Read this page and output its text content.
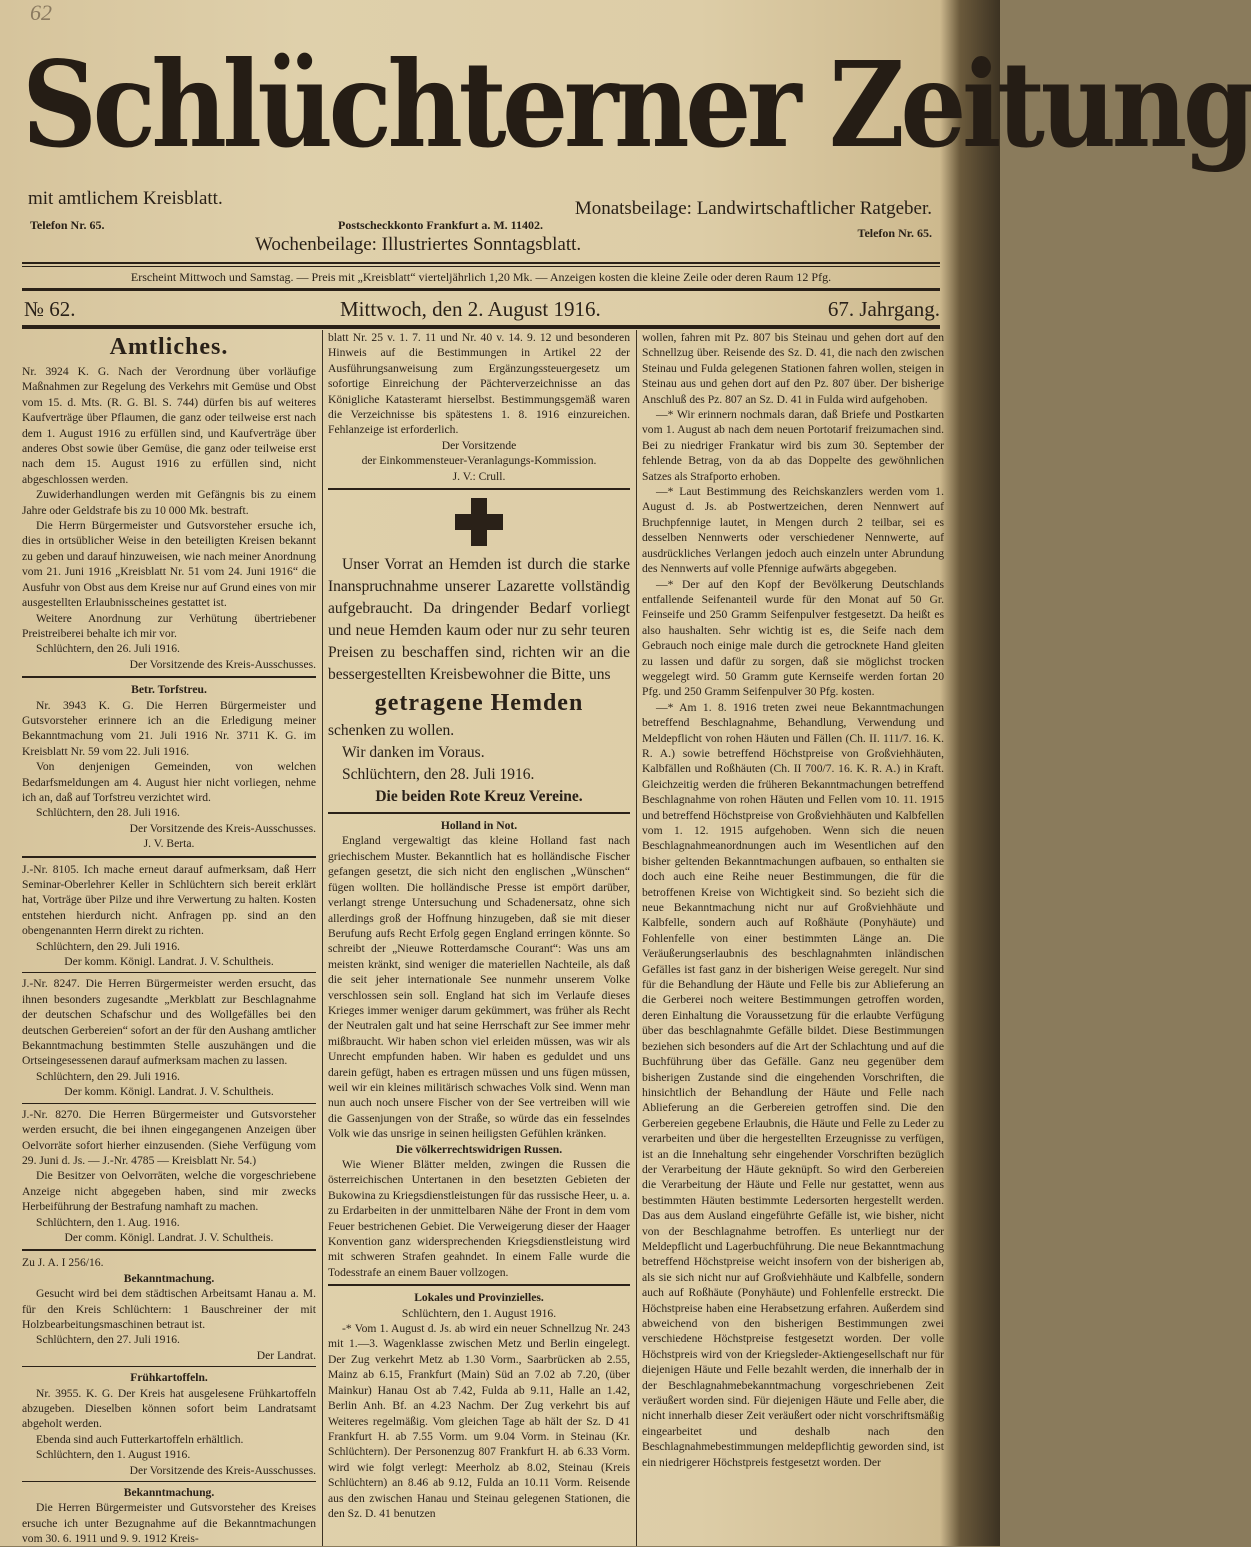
62
Schlüchterner Zeitung
mit amtlichem Kreisblatt.	Monatsbeilage: Landwirtschaftlicher Ratgeber.
Telefon Nr. 65.	Postscheckkonto Frankfurt a. M. 11402.
Telefon Nr. 65.
Wochenbeilage: Illustriertes Sonntagsblatt.
Erscheint Mittwoch und Samstag. — Preis mit „Kreisblatt“ vierteljährlich 1,20 Mk. — Anzeigen kosten die kleine Zeile oder deren Raum 12 Pfg.
№ 62.	Mittwoch, den 2. August 1916.	67. Jahrgang.

Amtliches.

Nr. 3924 K. G. Nach der Verordnung über vorläufige Maßnahmen zur Regelung des Verkehrs mit Gemüse und Obst vom 15. d. Mts. (R. G. Bl. S. 744) dürfen bis auf weiteres Kaufverträge über Pflaumen, die ganz oder teilweise erst nach dem 1. August 1916 zu erfüllen sind, und Kaufverträge über anderes Obst sowie über Gemüse, die ganz oder teilweise erst nach dem 15. August 1916 zu erfüllen sind, nicht abgeschlossen werden.

Zuwiderhandlungen werden mit Gefängnis bis zu einem Jahre oder Geldstrafe bis zu 10 000 Mk. bestraft.

Die Herrn Bürgermeister und Gutsvorsteher ersuche ich, dies in ortsüblicher Weise in den beteiligten Kreisen bekannt zu geben und darauf hinzuweisen, wie nach meiner Anordnung vom 21. Juni 1916 „Kreisblatt Nr. 51 vom 24. Juni 1916“ die Ausfuhr von Obst aus dem Kreise nur auf Grund eines von mir ausgestellten Erlaubnisscheines gestattet ist.

Weitere Anordnung zur Verhütung übertriebener Preistreiberei behalte ich mir vor.

Schlüchtern, den 26. Juli 1916.

Der Vorsitzende des Kreis-Ausschusses.

Betr. Torfstreu.

Nr. 3943 K. G. Die Herren Bürgermeister und Gutsvorsteher erinnere ich an die Erledigung meiner Bekanntmachung vom 21. Juli 1916 Nr. 3711 K. G. im Kreisblatt Nr. 59 vom 22. Juli 1916.

Von denjenigen Gemeinden, von welchen Bedarfsmeldungen am 4. August hier nicht vorliegen, nehme ich an, daß auf Torfstreu verzichtet wird.

Schlüchtern, den 28. Juli 1916.

Der Vorsitzende des Kreis-Ausschusses.

J. V. Berta.

J.-Nr. 8105. Ich mache erneut darauf aufmerksam, daß Herr Seminar-Oberlehrer Keller in Schlüchtern sich bereit erklärt hat, Vorträge über Pilze und ihre Verwertung zu halten. Kosten entstehen hierdurch nicht. Anfragen pp. sind an den obengenannten Herrn direkt zu richten.

Schlüchtern, den 29. Juli 1916.

Der komm. Königl. Landrat. J. V. Schultheis.

J.-Nr. 8247. Die Herren Bürgermeister werden ersucht, das ihnen besonders zugesandte „Merkblatt zur Beschlagnahme der deutschen Schafschur und des Wollgefälles bei den deutschen Gerbereien“ sofort an der für den Aushang amtlicher Bekanntmachung bestimmten Stelle auszuhängen und die Ortseingesessenen darauf aufmerksam machen zu lassen.

Schlüchtern, den 29. Juli 1916.

Der komm. Königl. Landrat. J. V. Schultheis.

J.-Nr. 8270. Die Herren Bürgermeister und Gutsvorsteher werden ersucht, die bei ihnen eingegangenen Anzeigen über Oelvorräte sofort hierher einzusenden. (Siehe Verfügung vom 29. Juni d. Js. — J.-Nr. 4785 — Kreisblatt Nr. 54.)

Die Besitzer von Oelvorräten, welche die vorgeschriebene Anzeige nicht abgegeben haben, sind mir zwecks Herbeiführung der Bestrafung namhaft zu machen.

Schlüchtern, den 1. Aug. 1916.

Der comm. Königl. Landrat. J. V. Schultheis.

Zu J. A. I 256/16.

Bekanntmachung.

Gesucht wird bei dem städtischen Arbeitsamt Hanau a. M. für den Kreis Schlüchtern: 1 Bauschreiner der mit Holzbearbeitungsmaschinen betraut ist.

Schlüchtern, den 27. Juli 1916.

Der Landrat.

Frühkartoffeln.

Nr. 3955. K. G. Der Kreis hat ausgelesene Frühkartoffeln abzugeben. Dieselben können sofort beim Landratsamt abgeholt werden.

Ebenda sind auch Futterkartoffeln erhältlich.

Schlüchtern, den 1. August 1916.

Der Vorsitzende des Kreis-Ausschusses.

Bekanntmachung.

Die Herren Bürgermeister und Gutsvorsteher des Kreises ersuche ich unter Bezugnahme auf die Bekanntmachungen vom 30. 6. 1911 und 9. 9. 1912 Kreis-

blatt Nr. 25 v. 1. 7. 11 und Nr. 40 v. 14. 9. 12 und besonderen Hinweis auf die Bestimmungen in Artikel 22 der Ausführungsanweisung zum Ergänzungssteuergesetz um sofortige Einreichung der Pächterverzeichnisse an das Königliche Katasteramt hierselbst. Bestimmungsgemäß waren die Verzeichnisse bis spätestens 1. 8. 1916 einzureichen. Fehlanzeige ist erforderlich.

Der Vorsitzende

der Einkommensteuer-Veranlagungs-Kommission.

J. V.: Crull.

Unser Vorrat an Hemden ist durch die starke Inanspruchnahme unserer Lazarette vollständig aufgebraucht. Da dringender Bedarf vorliegt und neue Hemden kaum oder nur zu sehr teuren Preisen zu beschaffen sind, richten wir an die bessergestellten Kreisbewohner die Bitte, uns

getragene Hemden

schenken zu wollen.

Wir danken im Voraus.

Schlüchtern, den 28. Juli 1916.

Die beiden Rote Kreuz Vereine.

Holland in Not.

England vergewaltigt das kleine Holland fast nach griechischem Muster. Bekanntlich hat es holländische Fischer gefangen gesetzt, die sich nicht den englischen „Wünschen“ fügen wollten. Die holländische Presse ist empört darüber, verlangt strenge Untersuchung und Schadenersatz, ohne sich allerdings groß der Hoffnung hinzugeben, daß sie mit dieser Berufung aufs Recht Erfolg gegen England erringen könnte. So schreibt der „Nieuwe Rotterdamsche Courant“: Was uns am meisten kränkt, sind weniger die materiellen Nachteile, als daß die seit jeher internationale See nunmehr unserem Volke verschlossen sein soll. England hat sich im Verlaufe dieses Krieges immer weniger darum gekümmert, was früher als Recht der Neutralen galt und hat seine Herrschaft zur See immer mehr mißbraucht. Wir haben schon viel erleiden müssen, was wir als Unrecht empfunden haben. Wir haben es geduldet und uns darein gefügt, haben es ertragen müssen und uns fügen müssen, weil wir ein kleines militärisch schwaches Volk sind. Wenn man nun auch noch unsere Fischer von der See vertreiben will wie die Gassenjungen von der Straße, so würde das ein fesselndes Volk wie das unsrige in seinen heiligsten Gefühlen kränken.

Die völkerrechtswidrigen Russen.

Wie Wiener Blätter melden, zwingen die Russen die österreichischen Untertanen in den besetzten Gebieten der Bukowina zu Kriegsdienstleistungen für das russische Heer, u. a. zu Erdarbeiten in der unmittelbaren Nähe der Front in dem vom Feuer bestrichenen Gebiet. Die Verweigerung dieser der Haager Konvention ganz widersprechenden Kriegsdienstleistung wird mit schweren Strafen geahndet. In einem Falle wurde die Todesstrafe an einem Bauer vollzogen.

Lokales und Provinzielles.

Schlüchtern, den 1. August 1916.

-* Vom 1. August d. Js. ab wird ein neuer Schnellzug Nr. 243 mit 1.—3. Wagenklasse zwischen Metz und Berlin eingelegt. Der Zug verkehrt Metz ab 1.30 Vorm., Saarbrücken ab 2.55, Mainz ab 6.15, Frankfurt (Main) Süd an 7.02 ab 7.20, (über Mainkur) Hanau Ost ab 7.42, Fulda ab 9.11, Halle an 1.42, Berlin Anh. Bf. an 4.23 Nachm. Der Zug verkehrt bis auf Weiteres regelmäßig. Vom gleichen Tage ab hält der Sz. D 41 Frankfurt H. ab 7.55 Vorm. um 9.04 Vorm. in Steinau (Kr. Schlüchtern). Der Personenzug 807 Frankfurt H. ab 6.33 Vorm. wird wie folgt verlegt: Meerholz ab 8.02, Steinau (Kreis Schlüchtern) an 8.46 ab 9.12, Fulda an 10.11 Vorm. Reisende aus den zwischen Hanau und Steinau gelegenen Stationen, die den Sz. D. 41 benutzen

wollen, fahren mit Pz. 807 bis Steinau und gehen dort auf den Schnellzug über. Reisende des Sz. D. 41, die nach den zwischen Steinau und Fulda gelegenen Stationen fahren wollen, steigen in Steinau aus und gehen dort auf den Pz. 807 über. Der bisherige Anschluß des Pz. 807 an Sz. D. 41 in Fulda wird aufgehoben.

—* Wir erinnern nochmals daran, daß Briefe und Postkarten vom 1. August ab nach dem neuen Portotarif freizumachen sind. Bei zu niedriger Frankatur wird bis zum 30. September der fehlende Betrag, von da ab das Doppelte des gewöhnlichen Satzes als Strafporto erhoben.

—* Laut Bestimmung des Reichskanzlers werden vom 1. August d. Js. ab Postwertzeichen, deren Nennwert auf Bruchpfennige lautet, in Mengen durch 2 teilbar, sei es desselben Nennwerts oder verschiedener Nennwerte, auf ausdrückliches Verlangen jedoch auch einzeln unter Abrundung des Nennwerts auf volle Pfennige aufwärts abgegeben.

—* Der auf den Kopf der Bevölkerung Deutschlands entfallende Seifenanteil wurde für den Monat auf 50 Gr. Feinseife und 250 Gramm Seifenpulver festgesetzt. Da heißt es also haushalten. Sehr wichtig ist es, die Seife nach dem Gebrauch noch einige male durch die getrocknete Hand gleiten zu lassen und dafür zu sorgen, daß sie möglichst trocken weggelegt wird. 50 Gramm gute Kernseife werden fortan 20 Pfg. und 250 Gramm Seifenpulver 30 Pfg. kosten.

—* Am 1. 8. 1916 treten zwei neue Bekanntmachungen betreffend Beschlagnahme, Behandlung, Verwendung und Meldepflicht von rohen Häuten und Fällen (Ch. II. 111/7. 16. K. R. A.) sowie betreffend Höchstpreise von Großviehhäuten, Kalbfällen und Roßhäuten (Ch. II 700/7. 16. K. R. A.) in Kraft. Gleichzeitig werden die früheren Bekanntmachungen betreffend Beschlagnahme von rohen Häuten und Fellen vom 10. 11. 1915 und betreffend Höchstpreise von Großviehhäuten und Kalbfellen vom 1. 12. 1915 aufgehoben. Wenn sich die neuen Beschlagnahmeanordnungen auch im Wesentlichen auf den bisher geltenden Bekanntmachungen aufbauen, so enthalten sie doch auch eine Reihe neuer Bestimmungen, die für die betroffenen Kreise von Wichtigkeit sind. So bezieht sich die neue Bekanntmachung nicht nur auf Großviehhäute und Kalbfelle, sondern auch auf Roßhäute (Ponyhäute) und Fohlenfelle von einer bestimmten Länge an. Die Veräußerungserlaubnis des beschlagnahmten inländischen Gefälles ist fast ganz in der bisherigen Weise geregelt. Nur sind für die Behandlung der Häute und Felle bis zur Ablieferung an die Gerberei noch weitere Bestimmungen getroffen worden, deren Einhaltung die Voraussetzung für die erlaubte Verfügung über das beschlagnahmte Gefälle bildet. Diese Bestimmungen beziehen sich besonders auf die Art der Schlachtung und auf die Buchführung über das Gefälle. Ganz neu gegenüber dem bisherigen Zustande sind die eingehenden Vorschriften, die hinsichtlich der Behandlung der Häute und Felle nach Ablieferung an die Gerbereien getroffen sind. Die den Gerbereien gegebene Erlaubnis, die Häute und Felle zu Leder zu verarbeiten und über die hergestellten Erzeugnisse zu verfügen, ist an die Innehaltung sehr eingehender Vorschriften bezüglich der Verarbeitung der Häute geknüpft. So wird den Gerbereien die Verarbeitung der Häute und Felle nur gestattet, wenn aus bestimmten Häuten bestimmte Ledersorten hergestellt werden. Das aus dem Ausland eingeführte Gefälle ist, wie bisher, nicht von der Beschlagnahme betroffen. Es unterliegt nur der Meldepflicht und Lagerbuchführung. Die neue Bekanntmachung betreffend Höchstpreise weicht insofern von der bisherigen ab, als sie sich nicht nur auf Großviehhäute und Kalbfelle, sondern auch auf Roßhäute (Ponyhäute) und Fohlenfelle erstreckt. Die Höchstpreise haben eine Herabsetzung erfahren. Außerdem sind abweichend von den bisherigen Bestimmungen zwei verschiedene Höchstpreise festgesetzt worden. Der volle Höchstpreis wird von der Kriegsleder-Aktiengesellschaft nur für diejenigen Häute und Felle bezahlt werden, die innerhalb der in der Beschlagnahmebekanntmachung vorgeschriebenen Zeit veräußert worden sind. Für diejenigen Häute und Felle aber, die nicht innerhalb dieser Zeit veräußert oder nicht vorschriftsmäßig eingearbeitet und deshalb nach den Beschlagnahmebestimmungen meldepflichtig geworden sind, ist ein niedrigerer Höchstpreis festgesetzt worden. Der
